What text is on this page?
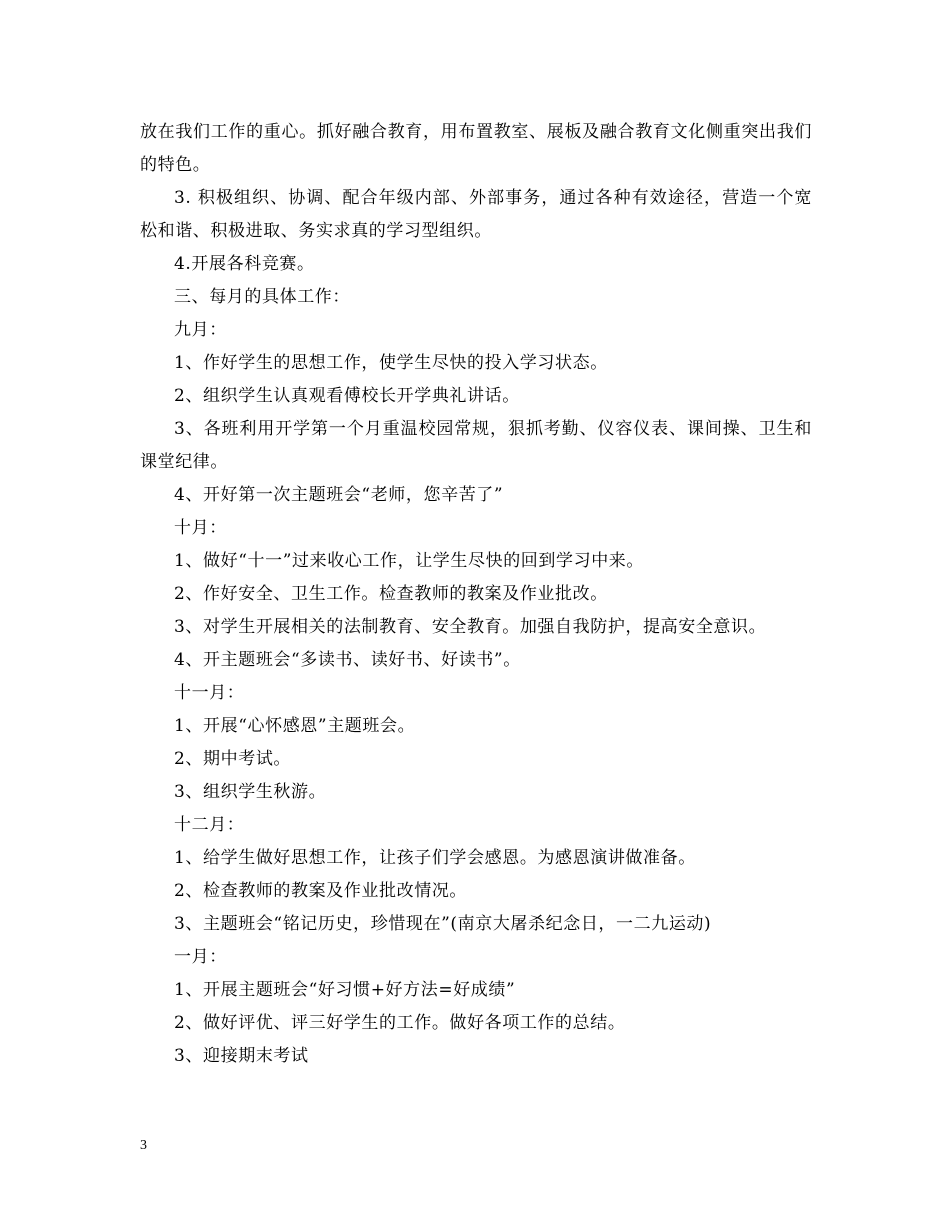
放在我们工作的重心。抓好融合教育，用布置教室、展板及融合教育文化侧重突出我们的特色。

3. 积极组织、协调、配合年级内部、外部事务，通过各种有效途径，营造一个宽松和谐、积极进取、务实求真的学习型组织。

4.开展各科竞赛。

三、每月的具体工作：

九月：

1、作好学生的思想工作，使学生尽快的投入学习状态。

2、组织学生认真观看傅校长开学典礼讲话。

3、各班利用开学第一个月重温校园常规，狠抓考勤、仪容仪表、课间操、卫生和课堂纪律。

4、开好第一次主题班会“老师，您辛苦了”

十月：

1、做好“十一”过来收心工作，让学生尽快的回到学习中来。

2、作好安全、卫生工作。检查教师的教案及作业批改。

3、对学生开展相关的法制教育、安全教育。加强自我防护，提高安全意识。

4、开主题班会“多读书、读好书、好读书”。

十一月：

1、开展“心怀感恩”主题班会。

2、期中考试。

3、组织学生秋游。

十二月：

1、给学生做好思想工作，让孩子们学会感恩。为感恩演讲做准备。

2、检查教师的教案及作业批改情况。

3、主题班会“铭记历史，珍惜现在”(南京大屠杀纪念日，一二九运动)

一月：

1、开展主题班会“好习惯+好方法=好成绩”

2、做好评优、评三好学生的工作。做好各项工作的总结。

3、迎接期末考试

3
